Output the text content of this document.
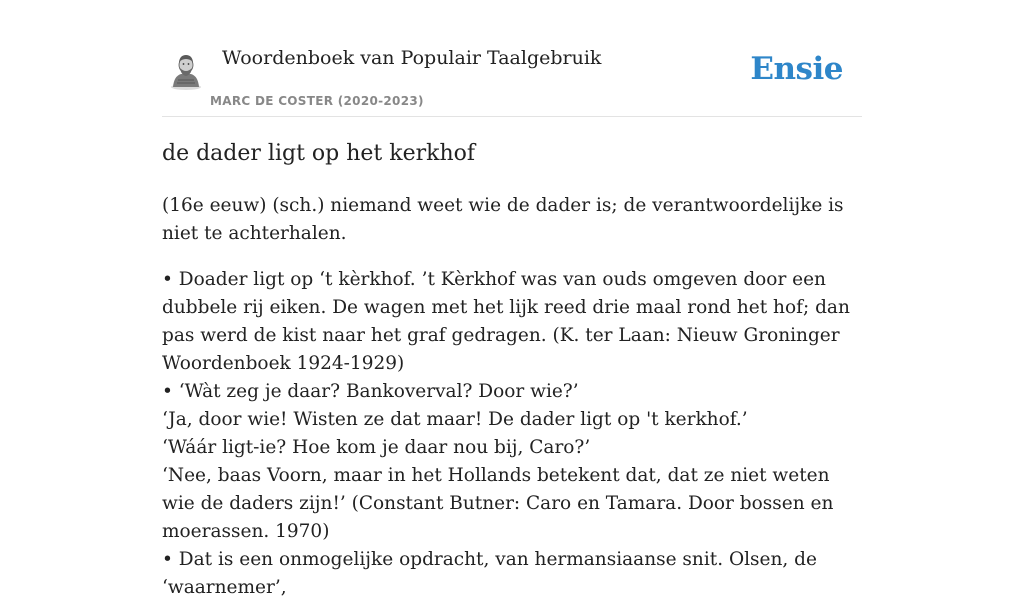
Woordenboek van Populair Taalgebruik
MARC DE COSTER (2020-2023)
Ensie
de dader ligt op het kerkhof

(16e eeuw) (sch.) niemand weet wie de dader is; de verantwoordelijke is niet te achterhalen.

• Doader ligt op ‘t kèrkhof. ’t Kèrkhof was van ouds omgeven door een dubbele rij eiken. De wagen met het lijk reed drie maal rond het hof; dan pas werd de kist naar het graf gedragen. (K. ter Laan: Nieuw Groninger Woordenboek 1924-1929)
• ‘Wàt zeg je daar? Bankoverval? Door wie?’
‘Ja, door wie! Wisten ze dat maar! De dader ligt op 't kerkhof.’
‘Wáár ligt-ie? Hoe kom je daar nou bij, Caro?’
‘Nee, baas Voorn, maar in het Hollands betekent dat, dat ze niet weten wie de daders zijn!’ (Constant Butner: Caro en Tamara. Door bossen en moerassen. 1970)
• Dat is een onmogelijke opdracht, van hermansiaanse snit. Olsen, de ‘waarnemer’,
